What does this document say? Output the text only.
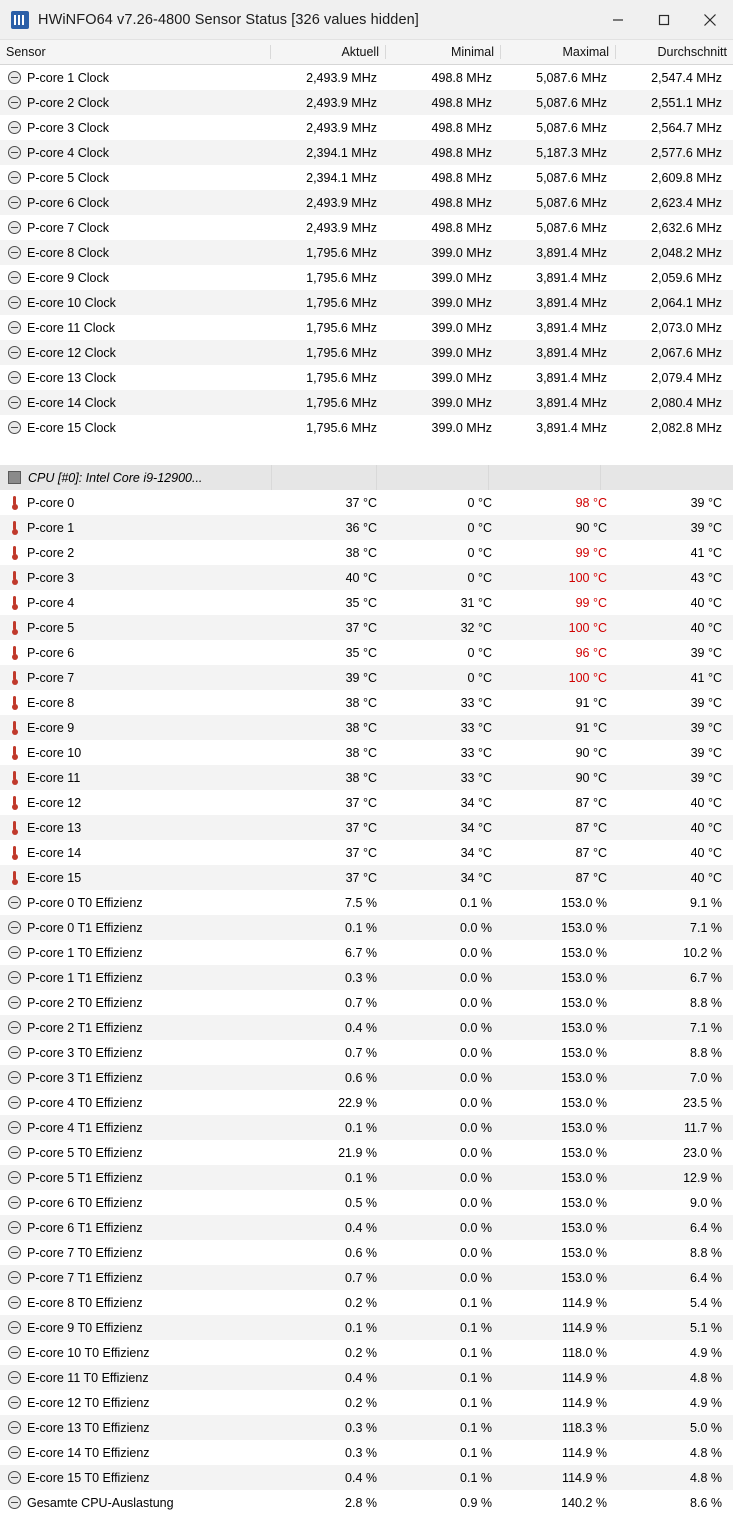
HWiNFO64 v7.26-4800 Sensor Status [326 values hidden]
Sensor	Aktuell	Minimal	Maximal	Durchschnitt
P-core 1 Clock	2,493.9 MHz	498.8 MHz	5,087.6 MHz	2,547.4 MHz
P-core 2 Clock	2,493.9 MHz	498.8 MHz	5,087.6 MHz	2,551.1 MHz
P-core 3 Clock	2,493.9 MHz	498.8 MHz	5,087.6 MHz	2,564.7 MHz
P-core 4 Clock	2,394.1 MHz	498.8 MHz	5,187.3 MHz	2,577.6 MHz
P-core 5 Clock	2,394.1 MHz	498.8 MHz	5,087.6 MHz	2,609.8 MHz
P-core 6 Clock	2,493.9 MHz	498.8 MHz	5,087.6 MHz	2,623.4 MHz
P-core 7 Clock	2,493.9 MHz	498.8 MHz	5,087.6 MHz	2,632.6 MHz
E-core 8 Clock	1,795.6 MHz	399.0 MHz	3,891.4 MHz	2,048.2 MHz
E-core 9 Clock	1,795.6 MHz	399.0 MHz	3,891.4 MHz	2,059.6 MHz
E-core 10 Clock	1,795.6 MHz	399.0 MHz	3,891.4 MHz	2,064.1 MHz
E-core 11 Clock	1,795.6 MHz	399.0 MHz	3,891.4 MHz	2,073.0 MHz
E-core 12 Clock	1,795.6 MHz	399.0 MHz	3,891.4 MHz	2,067.6 MHz
E-core 13 Clock	1,795.6 MHz	399.0 MHz	3,891.4 MHz	2,079.4 MHz
E-core 14 Clock	1,795.6 MHz	399.0 MHz	3,891.4 MHz	2,080.4 MHz
E-core 15 Clock	1,795.6 MHz	399.0 MHz	3,891.4 MHz	2,082.8 MHz
CPU [#0]: Intel Core i9-12900...
P-core 0	37 °C	0 °C	98 °C	39 °C
P-core 1	36 °C	0 °C	90 °C	39 °C
P-core 2	38 °C	0 °C	99 °C	41 °C
P-core 3	40 °C	0 °C	100 °C	43 °C
P-core 4	35 °C	31 °C	99 °C	40 °C
P-core 5	37 °C	32 °C	100 °C	40 °C
P-core 6	35 °C	0 °C	96 °C	39 °C
P-core 7	39 °C	0 °C	100 °C	41 °C
E-core 8	38 °C	33 °C	91 °C	39 °C
E-core 9	38 °C	33 °C	91 °C	39 °C
E-core 10	38 °C	33 °C	90 °C	39 °C
E-core 11	38 °C	33 °C	90 °C	39 °C
E-core 12	37 °C	34 °C	87 °C	40 °C
E-core 13	37 °C	34 °C	87 °C	40 °C
E-core 14	37 °C	34 °C	87 °C	40 °C
E-core 15	37 °C	34 °C	87 °C	40 °C
P-core 0 T0 Effizienz	7.5 %	0.1 %	153.0 %	9.1 %
P-core 0 T1 Effizienz	0.1 %	0.0 %	153.0 %	7.1 %
P-core 1 T0 Effizienz	6.7 %	0.0 %	153.0 %	10.2 %
P-core 1 T1 Effizienz	0.3 %	0.0 %	153.0 %	6.7 %
P-core 2 T0 Effizienz	0.7 %	0.0 %	153.0 %	8.8 %
P-core 2 T1 Effizienz	0.4 %	0.0 %	153.0 %	7.1 %
P-core 3 T0 Effizienz	0.7 %	0.0 %	153.0 %	8.8 %
P-core 3 T1 Effizienz	0.6 %	0.0 %	153.0 %	7.0 %
P-core 4 T0 Effizienz	22.9 %	0.0 %	153.0 %	23.5 %
P-core 4 T1 Effizienz	0.1 %	0.0 %	153.0 %	11.7 %
P-core 5 T0 Effizienz	21.9 %	0.0 %	153.0 %	23.0 %
P-core 5 T1 Effizienz	0.1 %	0.0 %	153.0 %	12.9 %
P-core 6 T0 Effizienz	0.5 %	0.0 %	153.0 %	9.0 %
P-core 6 T1 Effizienz	0.4 %	0.0 %	153.0 %	6.4 %
P-core 7 T0 Effizienz	0.6 %	0.0 %	153.0 %	8.8 %
P-core 7 T1 Effizienz	0.7 %	0.0 %	153.0 %	6.4 %
E-core 8 T0 Effizienz	0.2 %	0.1 %	114.9 %	5.4 %
E-core 9 T0 Effizienz	0.1 %	0.1 %	114.9 %	5.1 %
E-core 10 T0 Effizienz	0.2 %	0.1 %	118.0 %	4.9 %
E-core 11 T0 Effizienz	0.4 %	0.1 %	114.9 %	4.8 %
E-core 12 T0 Effizienz	0.2 %	0.1 %	114.9 %	4.9 %
E-core 13 T0 Effizienz	0.3 %	0.1 %	118.3 %	5.0 %
E-core 14 T0 Effizienz	0.3 %	0.1 %	114.9 %	4.8 %
E-core 15 T0 Effizienz	0.4 %	0.1 %	114.9 %	4.8 %
Gesamte CPU-Auslastung	2.8 %	0.9 %	140.2 %	8.6 %
